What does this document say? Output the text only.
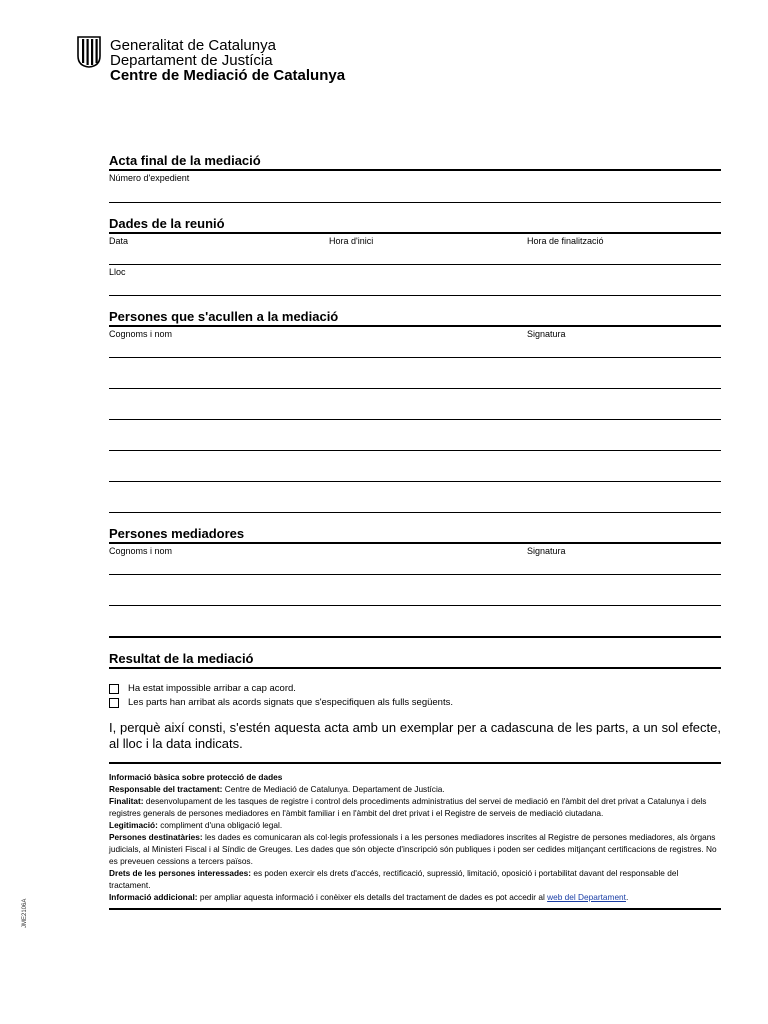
Generalitat de Catalunya
Departament de Justícia
Centre de Mediació de Catalunya
Acta final de la mediació
Número d'expedient
Dades de la reunió
Data	Hora d'inici	Hora de finalització
Lloc
Persones que s'acullen a la mediació
Cognoms i nom	Signatura
Persones mediadores
Cognoms i nom	Signatura
Resultat de la mediació
Ha estat impossible arribar a cap acord.
Les parts han arribat als acords signats que s'especifiquen als fulls següents.
I, perquè així consti, s'estén aquesta acta amb un exemplar per a cadascuna de les parts, a un sol efecte, al lloc i la data indicats.

Informació bàsica sobre protecció de dades

Responsable del tractament: Centre de Mediació de Catalunya. Departament de Justícia.

Finalitat: desenvolupament de les tasques de registre i control dels procediments administratius del servei de mediació en l'àmbit del dret privat a Catalunya i dels registres generals de persones mediadores en l'àmbit familiar i en l'àmbit del dret privat i el Registre de serveis de mediació ciutadana.

Legitimació: compliment d'una obligació legal.

Persones destinatàries: les dades es comunicaran als col·legis professionals i a les persones mediadores inscrites al Registre de persones mediadores, als òrgans judicials, al Ministeri Fiscal i al Síndic de Greuges. Les dades que són objecte d'inscripció són publiques i poden ser cedides mitjançant certificacions de registres. No es preveuen cessions a tercers països.

Drets de les persones interessades: es poden exercir els drets d'accés, rectificació, supressió, limitació, oposició i portabilitat davant del responsable del tractament.

Informació addicional: per ampliar aquesta informació i conèixer els detalls del tractament de dades es pot accedir al web del Departament.

JME2106A
